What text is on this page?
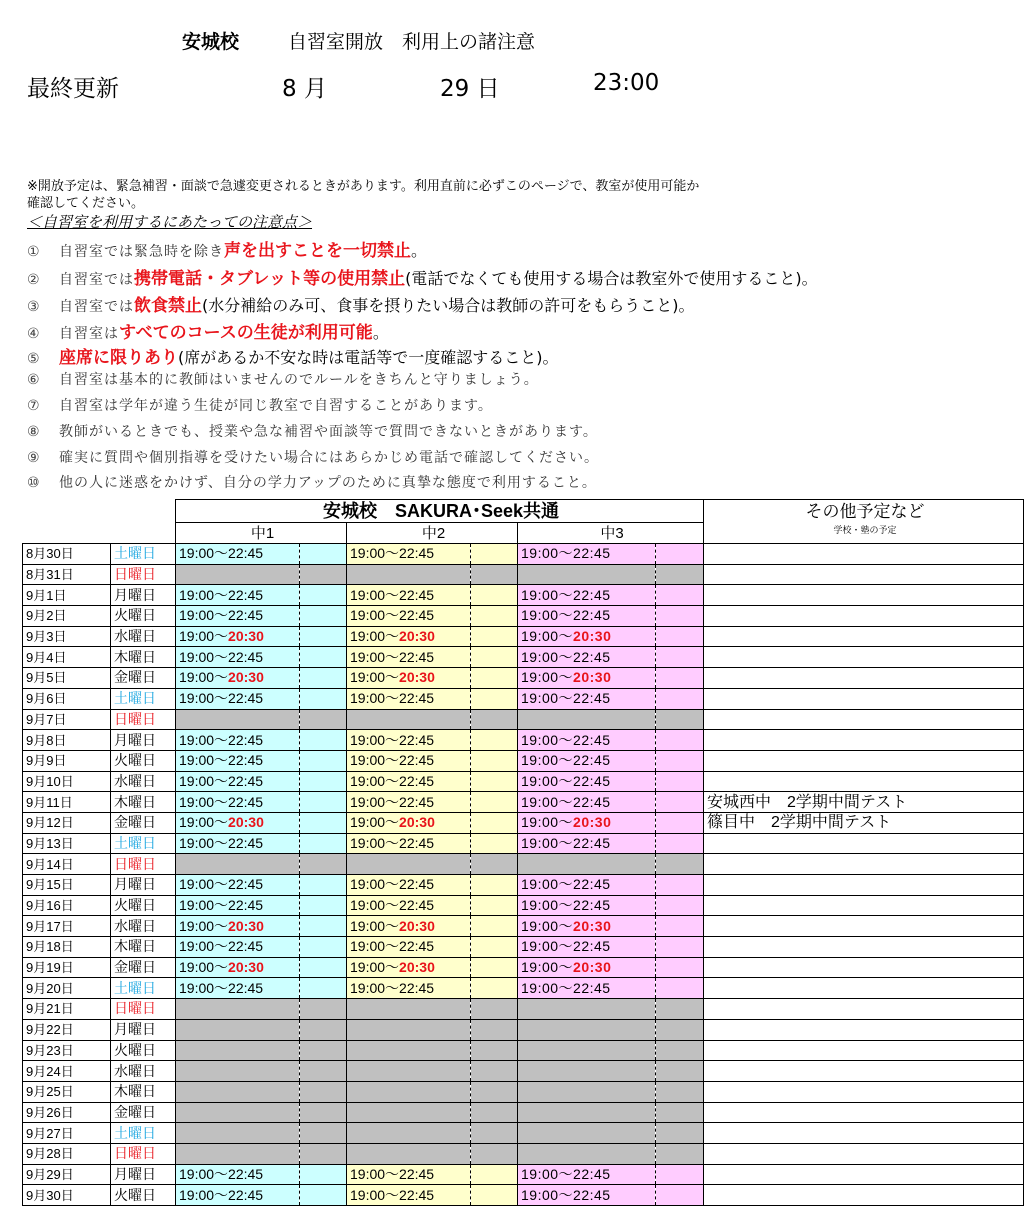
安城校	自習室開放　利用上の諸注意
最終更新	8 月	29 日	23:00
※開放予定は、緊急補習・面談で急遽変更されるときがあります。利用直前に必ずこのページで、教室が使用可能か
確認してください。
＜自習室を利用するにあたっての注意点＞
① 自習室では緊急時を除き声を出すことを一切禁止。
② 自習室では携帯電話・タブレット等の使用禁止(電話でなくても使用する場合は教室外で使用すること)。
③ 自習室では飲食禁止(水分補給のみ可、食事を摂りたい場合は教師の許可をもらうこと)。
④ 自習室はすべてのコースの生徒が利用可能。
⑤ 座席に限りあり(席があるか不安な時は電話等で一度確認すること)。
⑥ 自習室は基本的に教師はいませんのでルールをきちんと守りましょう。
⑦ 自習室は学年が違う生徒が同じ教室で自習することがあります。
⑧ 教師がいるときでも、授業や急な補習や面談等で質問できないときがあります。
⑨ 確実に質問や個別指導を受けたい場合にはあらかじめ電話で確認してください。
⑩ 他の人に迷惑をかけず、自分の学力アップのために真摯な態度で利用すること。
		安城校　SAKURA･Seek共通						その他予定など
		中1		中2		中3		学校・塾の予定
8月30日	土曜日	19:00〜22:45		19:00〜22:45		19:00〜22:45		
8月31日	日曜日							
9月1日	月曜日	19:00〜22:45		19:00〜22:45		19:00〜22:45		
9月2日	火曜日	19:00〜22:45		19:00〜22:45		19:00〜22:45		
9月3日	水曜日	19:00〜20:30		19:00〜20:30		19:00〜20:30		
9月4日	木曜日	19:00〜22:45		19:00〜22:45		19:00〜22:45		
9月5日	金曜日	19:00〜20:30		19:00〜20:30		19:00〜20:30		
9月6日	土曜日	19:00〜22:45		19:00〜22:45		19:00〜22:45		
9月7日	日曜日							
9月8日	月曜日	19:00〜22:45		19:00〜22:45		19:00〜22:45		
9月9日	火曜日	19:00〜22:45		19:00〜22:45		19:00〜22:45		
9月10日	水曜日	19:00〜22:45		19:00〜22:45		19:00〜22:45		
9月11日	木曜日	19:00〜22:45		19:00〜22:45		19:00〜22:45		安城西中　2学期中間テスト
9月12日	金曜日	19:00〜20:30		19:00〜20:30		19:00〜20:30		篠目中　2学期中間テスト
9月13日	土曜日	19:00〜22:45		19:00〜22:45		19:00〜22:45		
9月14日	日曜日							
9月15日	月曜日	19:00〜22:45		19:00〜22:45		19:00〜22:45		
9月16日	火曜日	19:00〜22:45		19:00〜22:45		19:00〜22:45		
9月17日	水曜日	19:00〜20:30		19:00〜20:30		19:00〜20:30		
9月18日	木曜日	19:00〜22:45		19:00〜22:45		19:00〜22:45		
9月19日	金曜日	19:00〜20:30		19:00〜20:30		19:00〜20:30		
9月20日	土曜日	19:00〜22:45		19:00〜22:45		19:00〜22:45		
9月21日	日曜日							
9月22日	月曜日							
9月23日	火曜日							
9月24日	水曜日							
9月25日	木曜日							
9月26日	金曜日							
9月27日	土曜日							
9月28日	日曜日							
9月29日	月曜日	19:00〜22:45		19:00〜22:45		19:00〜22:45		
9月30日	火曜日	19:00〜22:45		19:00〜22:45		19:00〜22:45		
